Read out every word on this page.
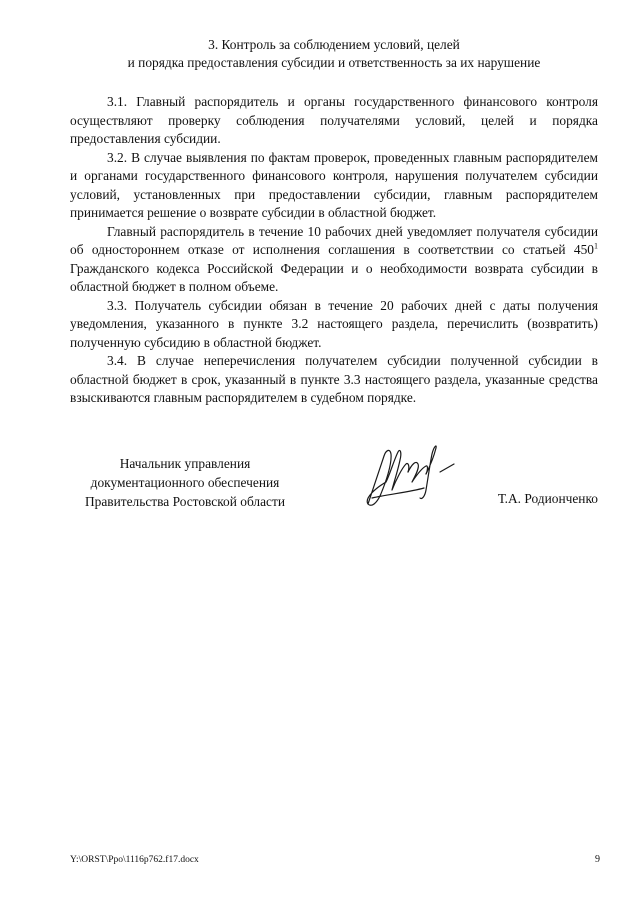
3. Контроль за соблюдением условий, целей
и порядка предоставления субсидии и ответственность за их нарушение

3.1. Главный распорядитель и органы государственного финансового контроля осуществляют проверку соблюдения получателями условий, целей и порядка предоставления субсидии.

3.2. В случае выявления по фактам проверок, проведенных главным распорядителем и органами государственного финансового контроля, нарушения получателем субсидии условий, установленных при предоставлении субсидии, главным распорядителем принимается решение о возврате субсидии в областной бюджет.

Главный распорядитель в течение 10 рабочих дней уведомляет получателя субсидии об одностороннем отказе от исполнения соглашения в соответствии со статьей $450^1$ Гражданского кодекса Российской Федерации и о необходимости возврата субсидии в областной бюджет в полном объеме.

3.3. Получатель субсидии обязан в течение 20 рабочих дней с даты получения уведомления, указанного в пункте 3.2 настоящего раздела, перечислить (возвратить) полученную субсидию в областной бюджет.

3.4. В случае неперечисления получателем субсидии полученной субсидии в областной бюджет в срок, указанный в пункте 3.3 настоящего раздела, указанные средства взыскиваются главным распорядителем в судебном порядке.

Начальник управления
документационного обеспечения
Правительства Ростовской области	Т.А. Родионченко
Y:\ORST\Ppo\1116p762.f17.docx	9
